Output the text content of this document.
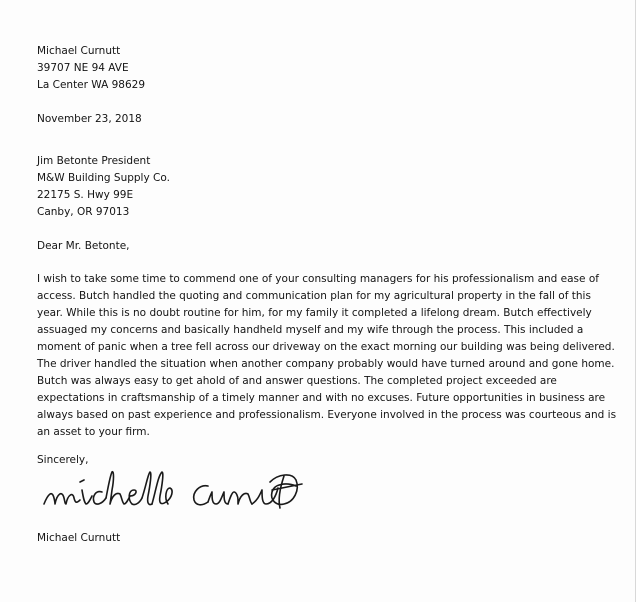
Michael Curnutt
39707 NE 94 AVE
La Center WA 98629
November 23, 2018
Jim Betonte President
M&W Building Supply Co.
22175 S. Hwy 99E
Canby, OR 97013
Dear Mr. Betonte,
I wish to take some time to commend one of your consulting managers for his professionalism and ease of
access. Butch handled the quoting and communication plan for my agricultural property in the fall of this
year. While this is no doubt routine for him, for my family it completed a lifelong dream. Butch effectively
assuaged my concerns and basically handheld myself and my wife through the process. This included a
moment of panic when a tree fell across our driveway on the exact morning our building was being delivered.
The driver handled the situation when another company probably would have turned around and gone home.
Butch was always easy to get ahold of and answer questions. The completed project exceeded are
expectations in craftsmanship of a timely manner and with no excuses. Future opportunities in business are
always based on past experience and professionalism. Everyone involved in the process was courteous and is
an asset to your firm.
Sincerely,
Michael Curnutt
